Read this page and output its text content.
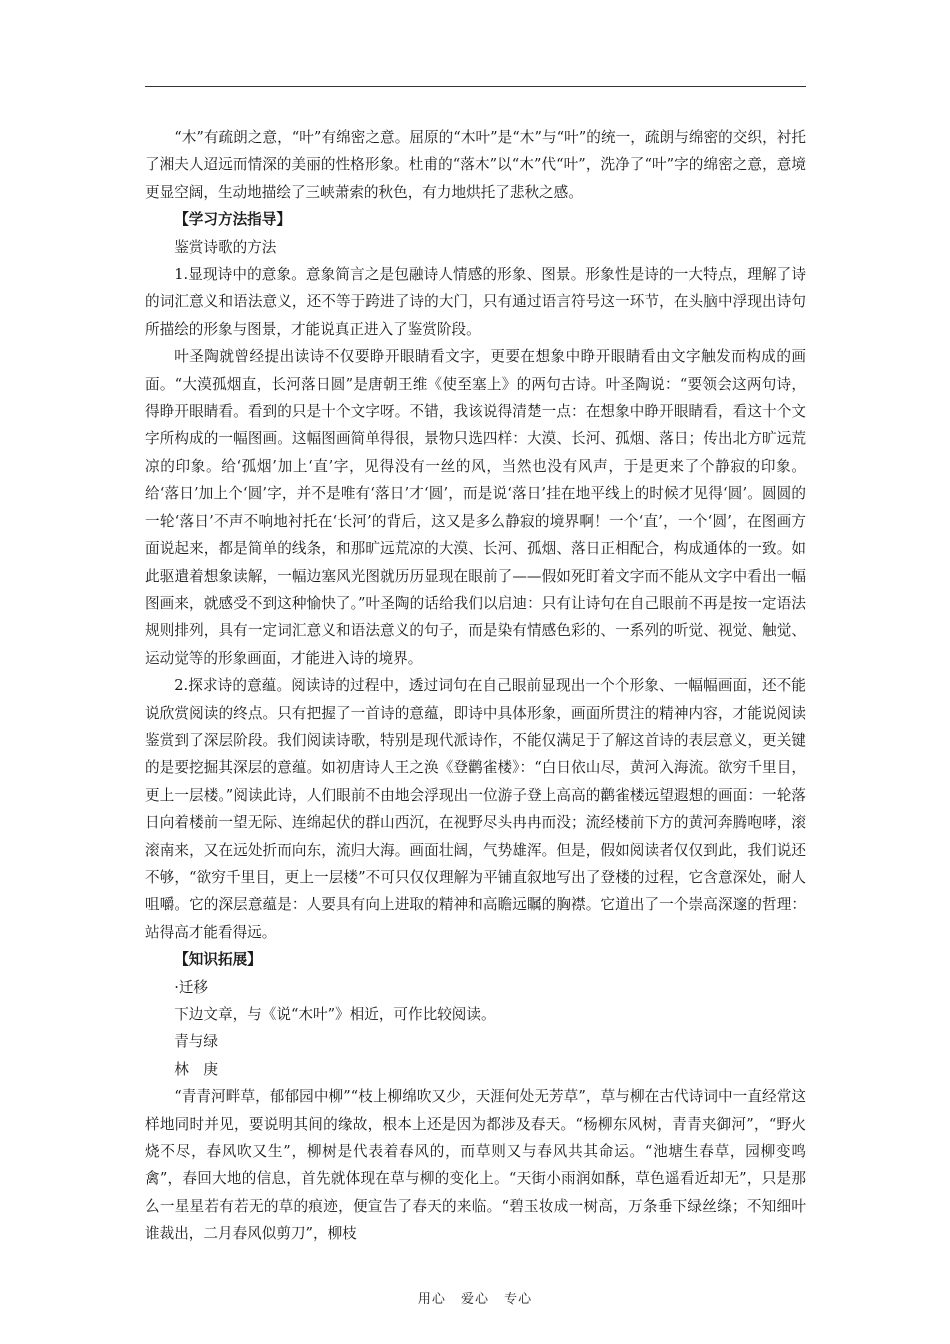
“木”有疏朗之意，“叶”有绵密之意。屈原的“木叶”是“木”与“叶”的统一，疏朗与绵密的交织，衬托了湘夫人迢远而情深的美丽的性格形象。杜甫的“落木”以“木”代“叶”，洗净了“叶”字的绵密之意，意境更显空阔，生动地描绘了三峡萧索的秋色，有力地烘托了悲秋之感。

【学习方法指导】

鉴赏诗歌的方法

1.显现诗中的意象。意象简言之是包融诗人情感的形象、图景。形象性是诗的一大特点，理解了诗的词汇意义和语法意义，还不等于跨进了诗的大门，只有通过语言符号这一环节，在头脑中浮现出诗句所描绘的形象与图景，才能说真正进入了鉴赏阶段。

叶圣陶就曾经提出读诗不仅要睁开眼睛看文字，更要在想象中睁开眼睛看由文字触发而构成的画面。“大漠孤烟直，长河落日圆”是唐朝王维《使至塞上》的两句古诗。叶圣陶说：“要领会这两句诗，得睁开眼睛看。看到的只是十个文字呀。不错，我该说得清楚一点：在想象中睁开眼睛看，看这十个文字所构成的一幅图画。这幅图画简单得很，景物只选四样：大漠、长河、孤烟、落日；传出北方旷远荒凉的印象。给‘孤烟’加上‘直’字，见得没有一丝的风，当然也没有风声，于是更来了个静寂的印象。给‘落日’加上个‘圆’字，并不是唯有‘落日’才‘圆’，而是说‘落日’挂在地平线上的时候才见得‘圆’。圆圆的一轮‘落日’不声不响地衬托在‘长河’的背后，这又是多么静寂的境界啊！一个‘直’，一个‘圆’，在图画方面说起来，都是简单的线条，和那旷远荒凉的大漠、长河、孤烟、落日正相配合，构成通体的一致。如此驱遣着想象读解，一幅边塞风光图就历历显现在眼前了——假如死盯着文字而不能从文字中看出一幅图画来，就感受不到这种愉快了。”叶圣陶的话给我们以启迪：只有让诗句在自己眼前不再是按一定语法规则排列，具有一定词汇意义和语法意义的句子，而是染有情感色彩的、一系列的听觉、视觉、触觉、运动觉等的形象画面，才能进入诗的境界。

2.探求诗的意蕴。阅读诗的过程中，透过词句在自己眼前显现出一个个形象、一幅幅画面，还不能说欣赏阅读的终点。只有把握了一首诗的意蕴，即诗中具体形象，画面所贯注的精神内容，才能说阅读鉴赏到了深层阶段。我们阅读诗歌，特别是现代派诗作，不能仅满足于了解这首诗的表层意义，更关键的是要挖掘其深层的意蕴。如初唐诗人王之涣《登鹳雀楼》：“白日依山尽，黄河入海流。欲穷千里目，更上一层楼。”阅读此诗，人们眼前不由地会浮现出一位游子登上高高的鹳雀楼远望遐想的画面：一轮落日向着楼前一望无际、连绵起伏的群山西沉，在视野尽头冉冉而没；流经楼前下方的黄河奔腾咆哮，滚滚南来，又在远处折而向东，流归大海。画面壮阔，气势雄浑。但是，假如阅读者仅仅到此，我们说还不够，“欲穷千里目，更上一层楼”不可只仅仅理解为平铺直叙地写出了登楼的过程，它含意深处，耐人咀嚼。它的深层意蕴是：人要具有向上进取的精神和高瞻远瞩的胸襟。它道出了一个崇高深邃的哲理：站得高才能看得远。

【知识拓展】

·迁移

下边文章，与《说“木叶”》相近，可作比较阅读。

青与绿

林　庚

“青青河畔草，郁郁园中柳”“枝上柳绵吹又少，天涯何处无芳草”，草与柳在古代诗词中一直经常这样地同时并见，要说明其间的缘故，根本上还是因为都涉及春天。“杨柳东风树，青青夹御河”，“野火烧不尽，春风吹又生”，柳树是代表着春风的，而草则又与春风共其命运。“池塘生春草，园柳变鸣禽”，春回大地的信息，首先就体现在草与柳的变化上。“天街小雨润如酥，草色遥看近却无”，只是那么一星星若有若无的草的痕迹，便宣告了春天的来临。“碧玉妆成一树高，万条垂下绿丝绦；不知细叶谁裁出，二月春风似剪刀”，柳枝

用心 爱心 专心
